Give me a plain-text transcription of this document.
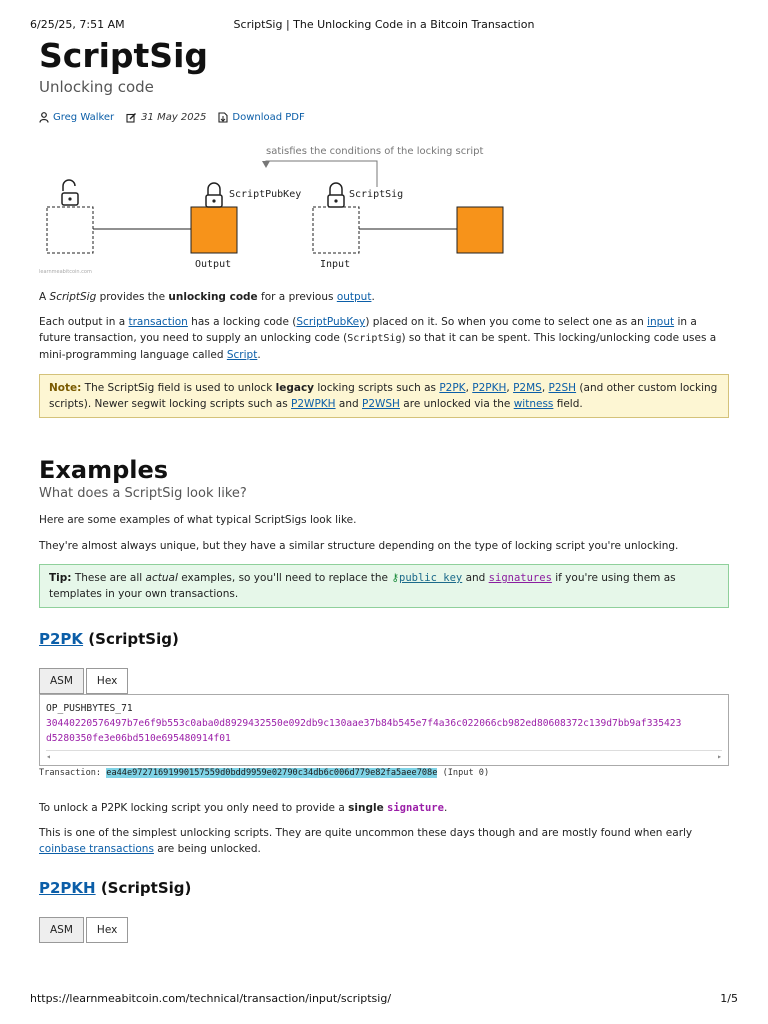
6/25/25, 7:51 AM	ScriptSig | The Unlocking Code in a Bitcoin Transaction
ScriptSig
Unlocking code
Greg Walker	31 May 2025	Download PDF
satisfies the conditions of the locking script
ScriptPubKey
Output
ScriptSig
Input
learnmeabitcoin.com

A ScriptSig provides the unlocking code for a previous output.

Each output in a transaction has a locking code (ScriptPubKey) placed on it. So when you come to select one as an input in a future transaction, you need to supply an unlocking code (ScriptSig) so that it can be spent. This locking/unlocking code uses a mini-programming language called Script.

Note: The ScriptSig field is used to unlock legacy locking scripts such as P2PK, P2PKH, P2MS, P2SH (and other custom locking scripts). Newer segwit locking scripts such as P2WPKH and P2WSH are unlocked via the witness field.
Examples
What does a ScriptSig look like?

Here are some examples of what typical ScriptSigs look like.

They're almost always unique, but they have a similar structure depending on the type of locking script you're unlocking.

Tip: These are all actual examples, so you'll need to replace the ⚷public key and signatures if you're using them as templates in your own transactions.
P2PK (ScriptSig)
ASM	Hex
OP_PUSHBYTES_71
30440220576497b7e6f9b553c0aba0d8929432550e092db9c130aae37b84b545e7f4a36c022066cb982ed80608372c139d7bb9af335423
d5280350fe3e06bd510e695480914f01
◂	▸
Transaction: ea44e97271691990157559d0bdd9959e02790c34db6c006d779e82fa5aee708e (Input 0)

To unlock a P2PK locking script you only need to provide a single signature.

This is one of the simplest unlocking scripts. They are quite uncommon these days though and are mostly found when early coinbase transactions are being unlocked.

P2PKH (ScriptSig)
ASM	Hex
https://learnmeabitcoin.com/technical/transaction/input/scriptsig/	1/5
